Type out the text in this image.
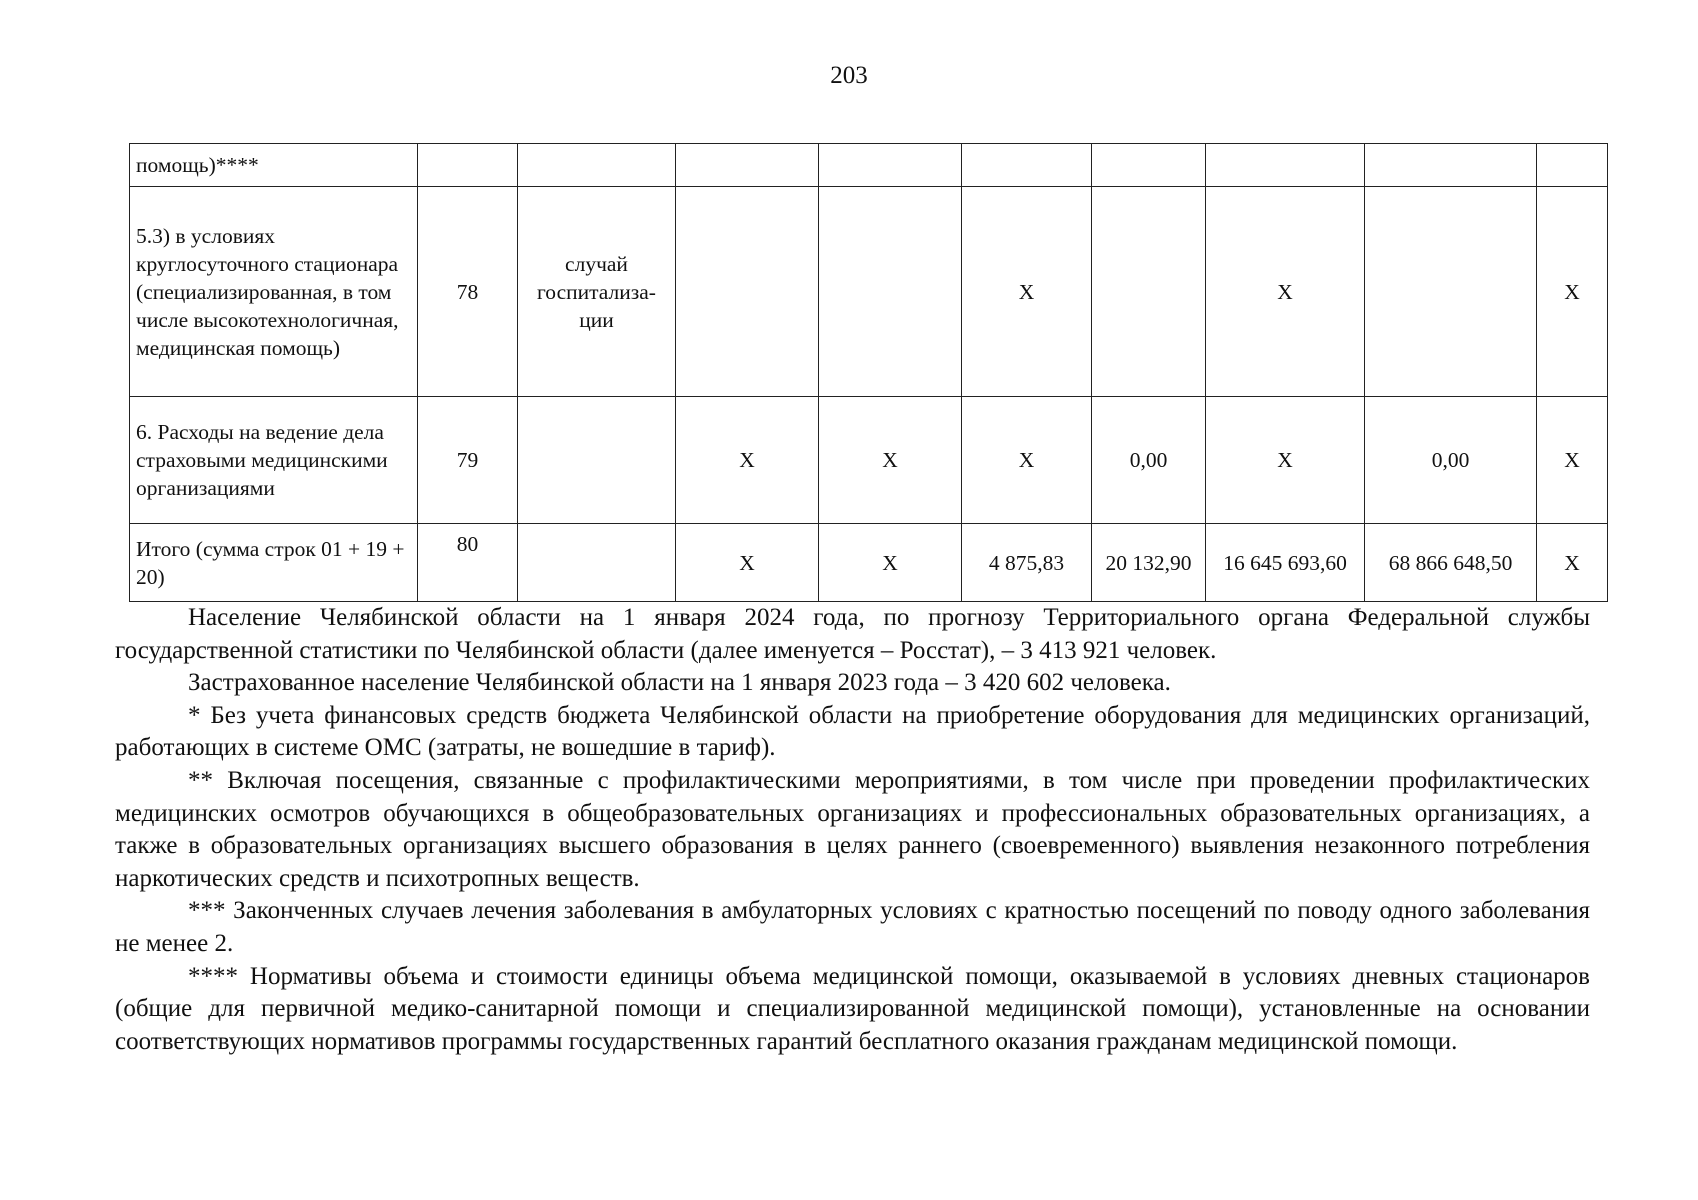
203
помощь)****									
5.3) в условиях круглосуточного стационара (специализированная, в том числе высокотехнологичная, медицинская помощь)	78	случай госпитализа-ции			X		X		X
6. Расходы на ведение дела страховыми медицинскими организациями	79		X	X	X	0,00	X	0,00	X
Итого (сумма строк 01 + 19 + 20)	80		X	X	4 875,83	20 132,90	16 645 693,60	68 866 648,50	X

Население Челябинской области на 1 января 2024 года, по прогнозу Территориального органа Федеральной службы государственной статистики по Челябинской области (далее именуется – Росстат), – 3 413 921 человек.

Застрахованное население Челябинской области на 1 января 2023 года – 3 420 602 человека.

* Без учета финансовых средств бюджета Челябинской области на приобретение оборудования для медицинских организаций, работающих в системе ОМС (затраты, не вошедшие в тариф).

** Включая посещения, связанные с профилактическими мероприятиями, в том числе при проведении профилактических медицинских осмотров обучающихся в общеобразовательных организациях и профессиональных образовательных организациях, а также в образовательных организациях высшего образования в целях раннего (своевременного) выявления незаконного потребления наркотических средств и психотропных веществ.

*** Законченных случаев лечения заболевания в амбулаторных условиях с кратностью посещений по поводу одного заболевания не менее 2.

**** Нормативы объема и стоимости единицы объема медицинской помощи, оказываемой в условиях дневных стационаров (общие для первичной медико-санитарной помощи и специализированной медицинской помощи), установленные на основании соответствующих нормативов программы государственных гарантий бесплатного оказания гражданам медицинской помощи.
